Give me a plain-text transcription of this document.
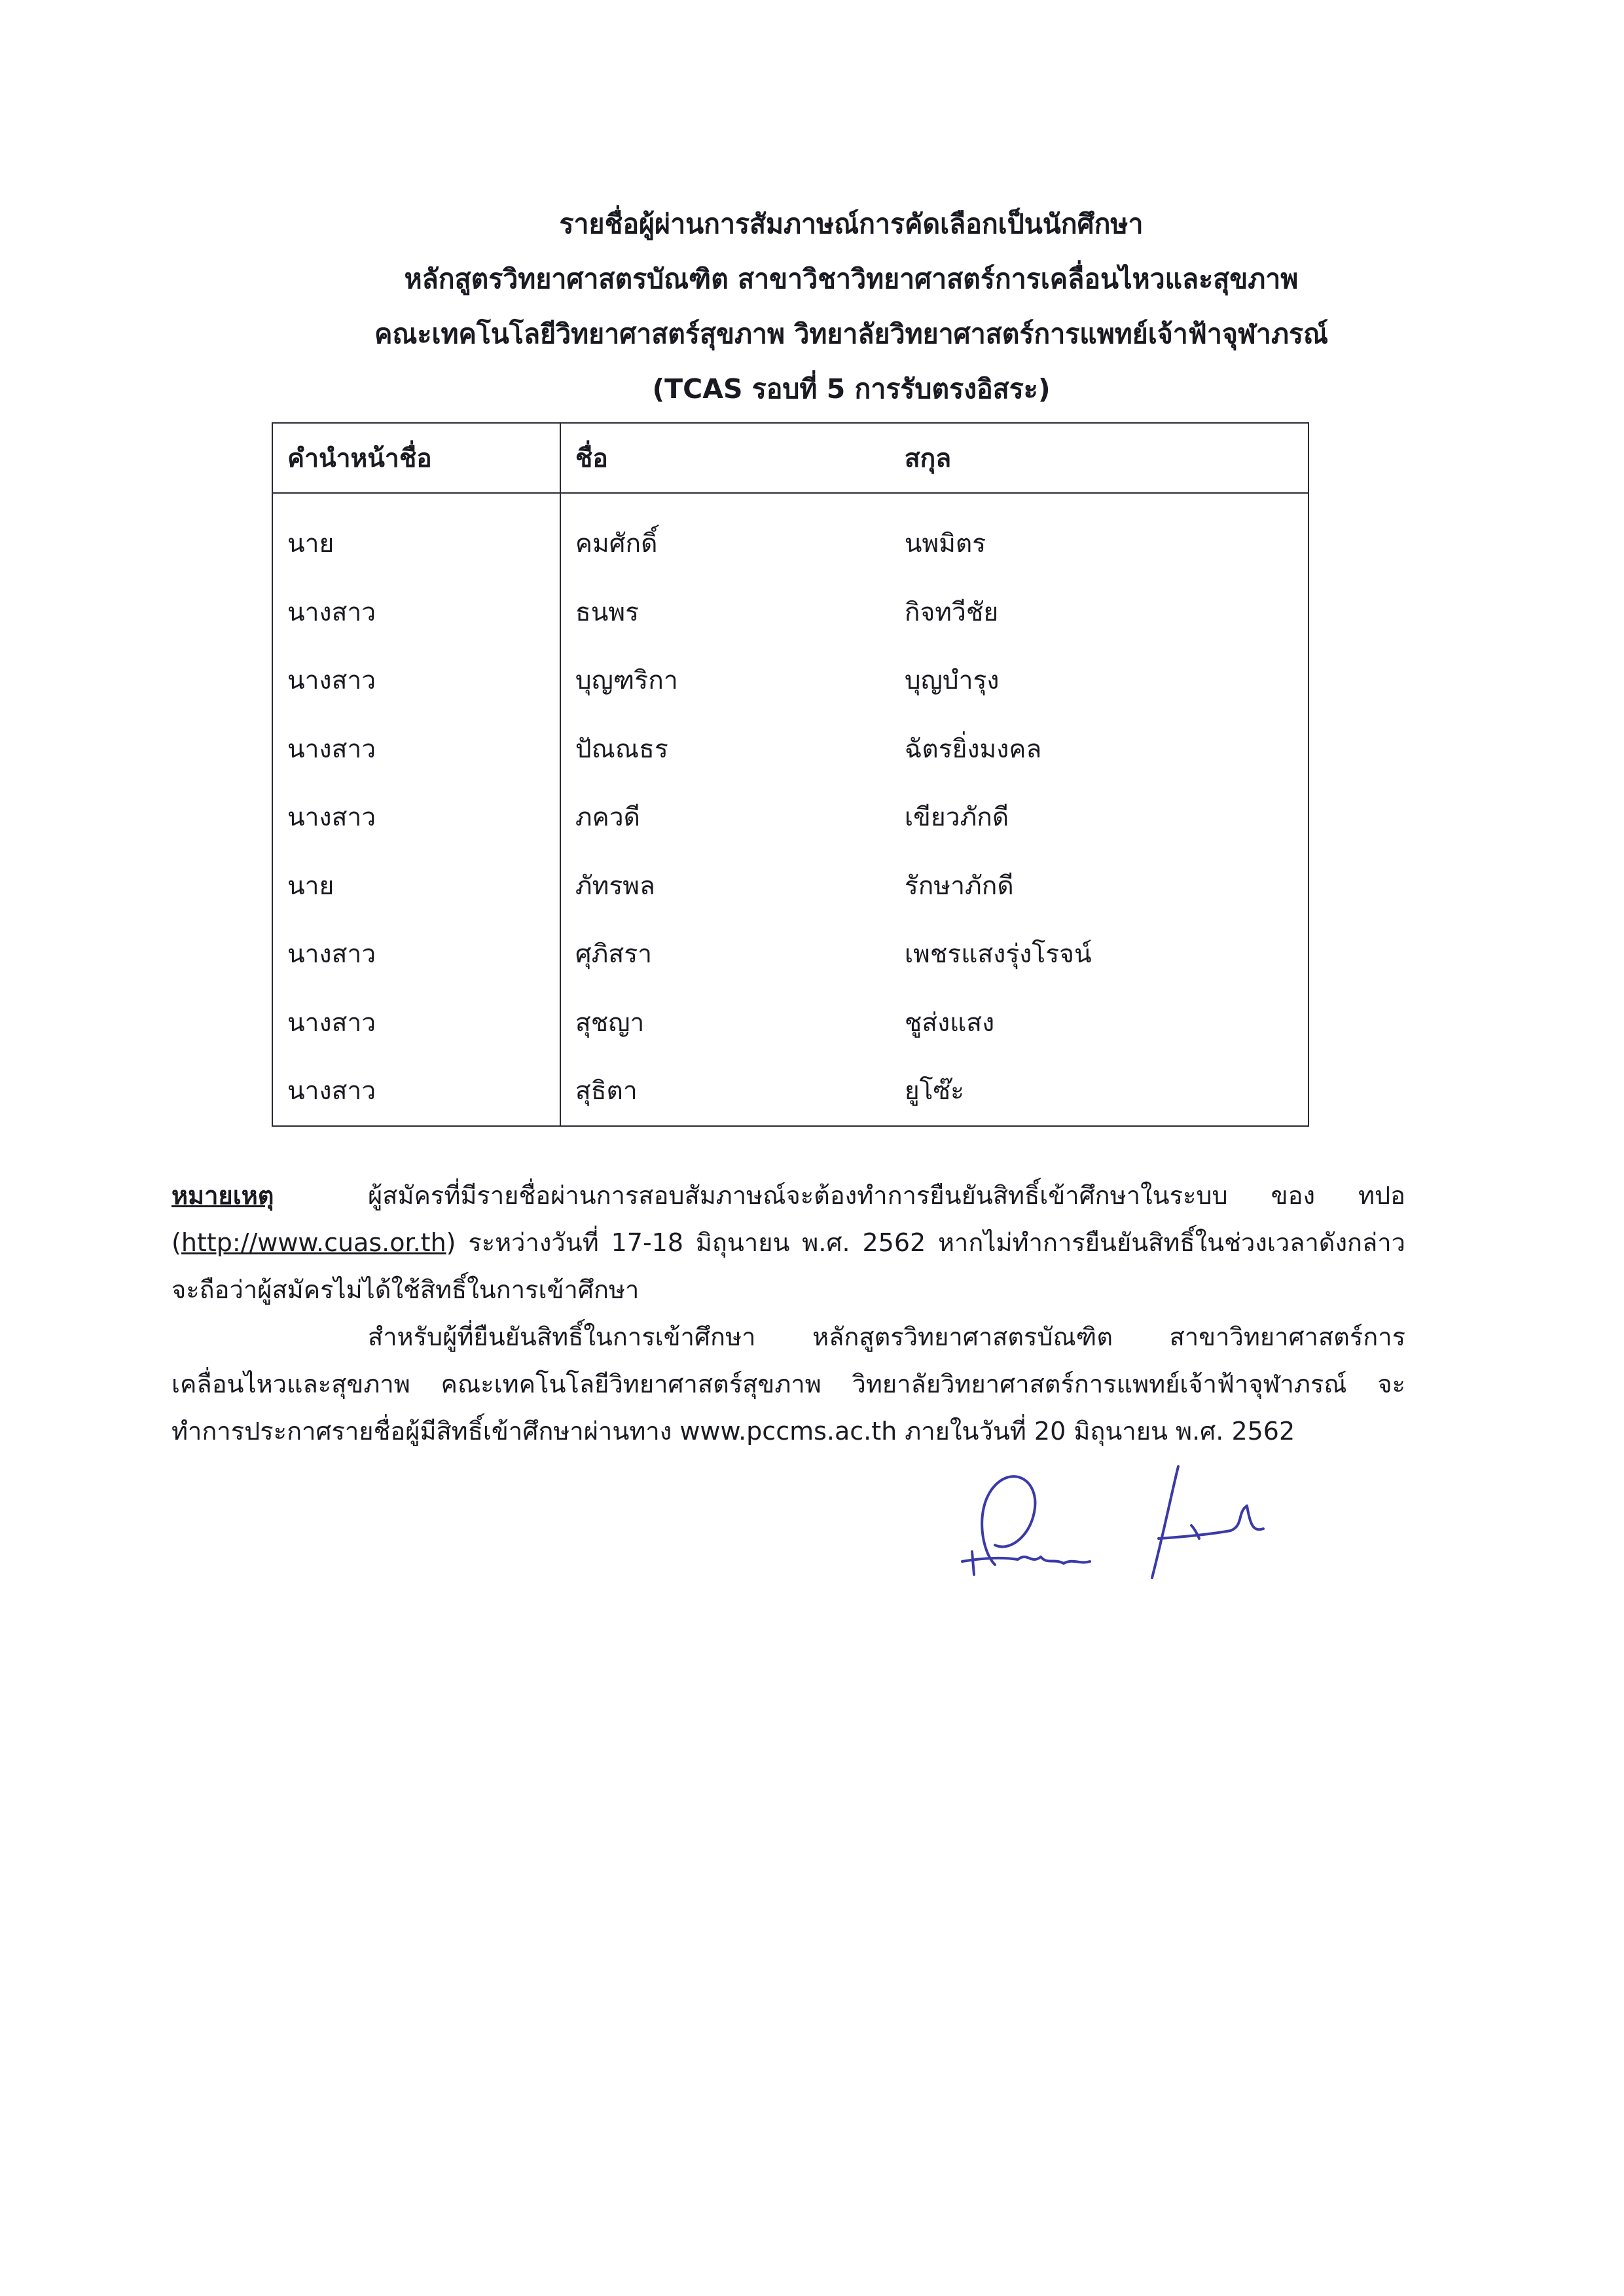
รายชื่อผู้ผ่านการสัมภาษณ์การคัดเลือกเป็นนักศึกษา
หลักสูตรวิทยาศาสตรบัณฑิต สาขาวิชาวิทยาศาสตร์การเคลื่อนไหวและสุขภาพ
คณะเทคโนโลยีวิทยาศาสตร์สุขภาพ วิทยาลัยวิทยาศาสตร์การแพทย์เจ้าฟ้าจุฬาภรณ์
(TCAS รอบที่ 5 การรับตรงอิสระ)
คำนำหน้าชื่อ	ชื่อ	สกุล
นาย	คมศักดิ์	นพมิตร
นางสาว	ธนพร	กิจทวีชัย
นางสาว	บุญฑริกา	บุญบำรุง
นางสาว	ปัณณธร	ฉัตรยิ่งมงคล
นางสาว	ภควดี	เขียวภักดี
นาย	ภัทรพล	รักษาภักดี
นางสาว	ศุภิสรา	เพชรแสงรุ่งโรจน์
นางสาว	สุชญา	ชูส่งแสง
นางสาว	สุธิตา	ยูโซ๊ะ

หมายเหตุ	ผู้สมัครที่มีรายชื่อผ่านการสอบสัมภาษณ์จะต้องทำการยืนยันสิทธิ์เข้าศึกษาในระบบ ของ ทปอ (http://www.cuas.or.th) ระหว่างวันที่ 17-18 มิถุนายน พ.ศ. 2562 หากไม่ทำการยืนยันสิทธิ์ในช่วงเวลาดังกล่าว จะถือว่าผู้สมัครไม่ได้ใช้สิทธิ์ในการเข้าศึกษา

สำหรับผู้ที่ยืนยันสิทธิ์ในการเข้าศึกษา หลักสูตรวิทยาศาสตรบัณฑิต สาขาวิทยาศาสตร์การเคลื่อนไหวและสุขภาพ คณะเทคโนโลยีวิทยาศาสตร์สุขภาพ วิทยาลัยวิทยาศาสตร์การแพทย์เจ้าฟ้าจุฬาภรณ์ จะทำการประกาศรายชื่อผู้มีสิทธิ์เข้าศึกษาผ่านทาง www.pccms.ac.th ภายในวันที่ 20 มิถุนายน พ.ศ. 2562
